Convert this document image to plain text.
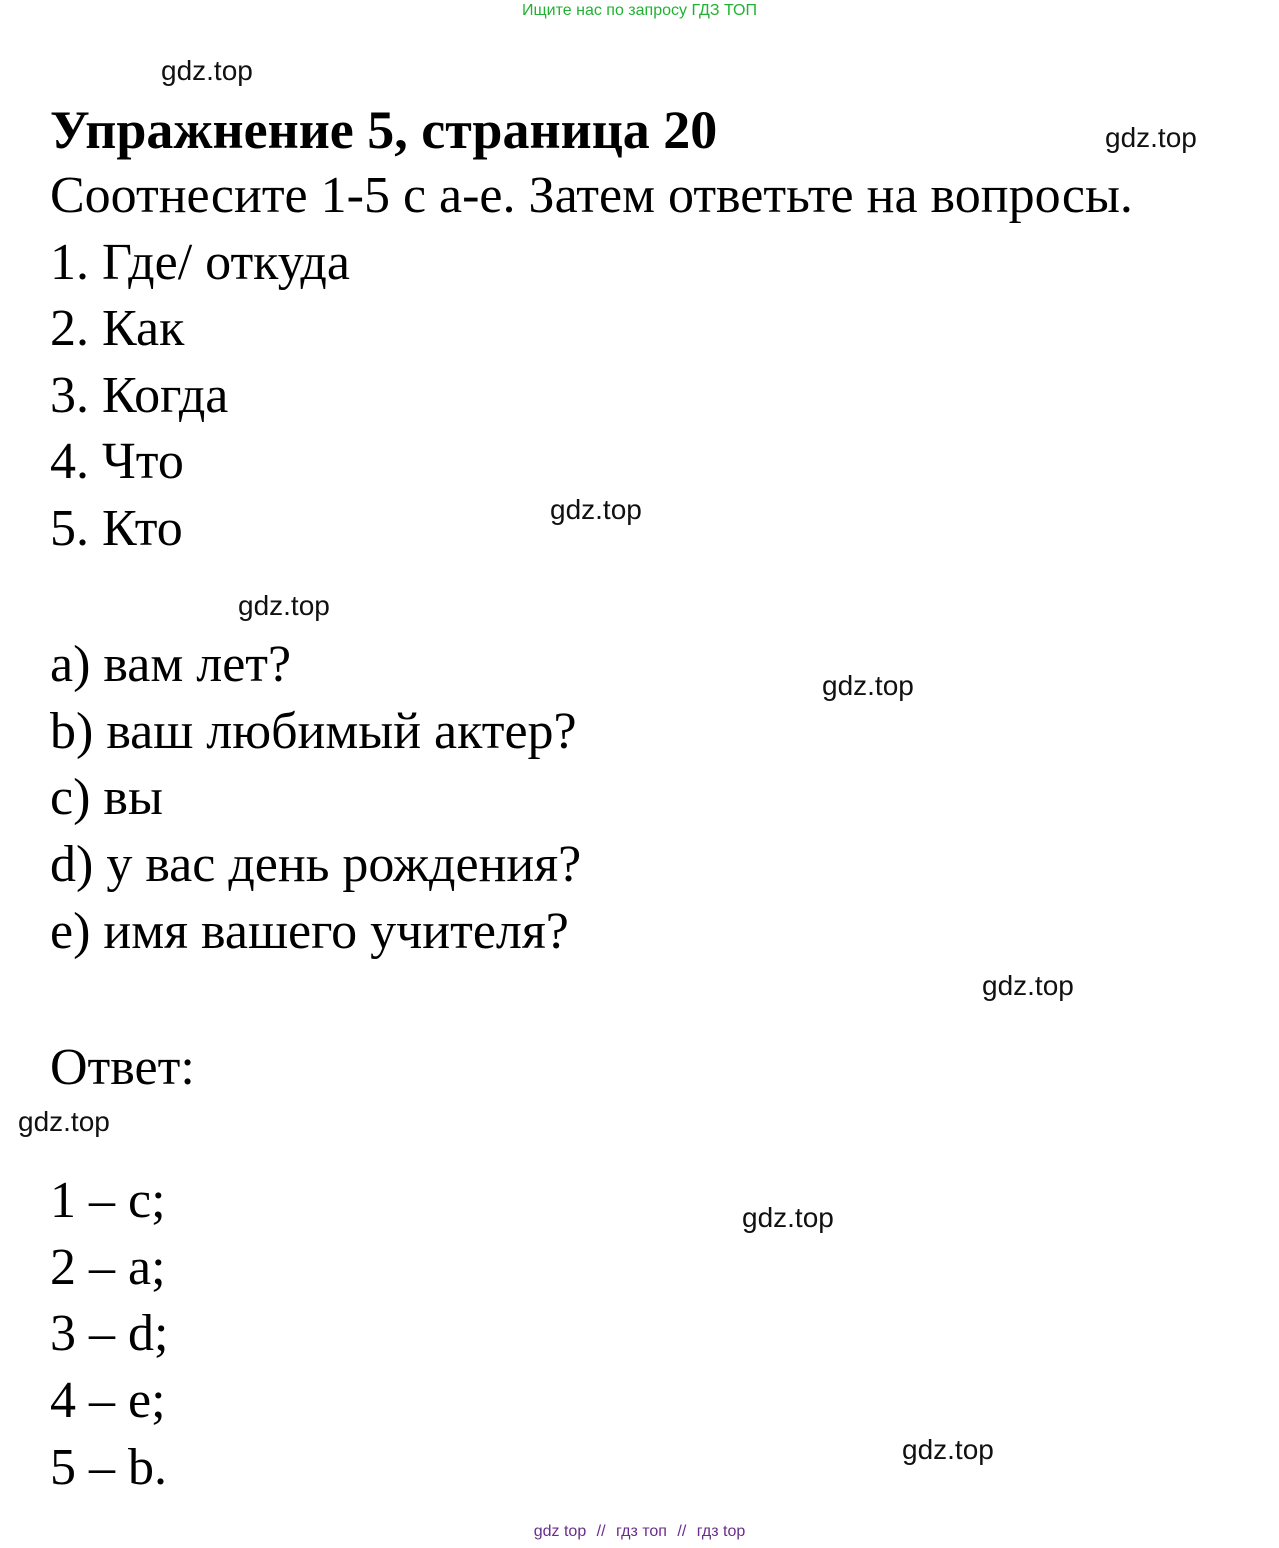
Ищите нас по запросу ГДЗ ТОП
gdz.top
gdz.top
gdz.top
gdz.top
gdz.top
gdz.top
gdz.top
gdz.top
gdz.top
Упражнение 5, страница 20
Соотнесите 1-5 с a-e. Затем ответьте на вопросы.
1. Где/ откуда
2. Как
3. Когда
4. Что
5. Кто
a) вам лет?
b) ваш любимый актер?
c) вы
d) у вас день рождения?
e) имя вашего учителя?
Ответ:
1 – c;
2 – a;
3 – d;
4 – e;
5 – b.
gdz top // гдз топ // гдз top
